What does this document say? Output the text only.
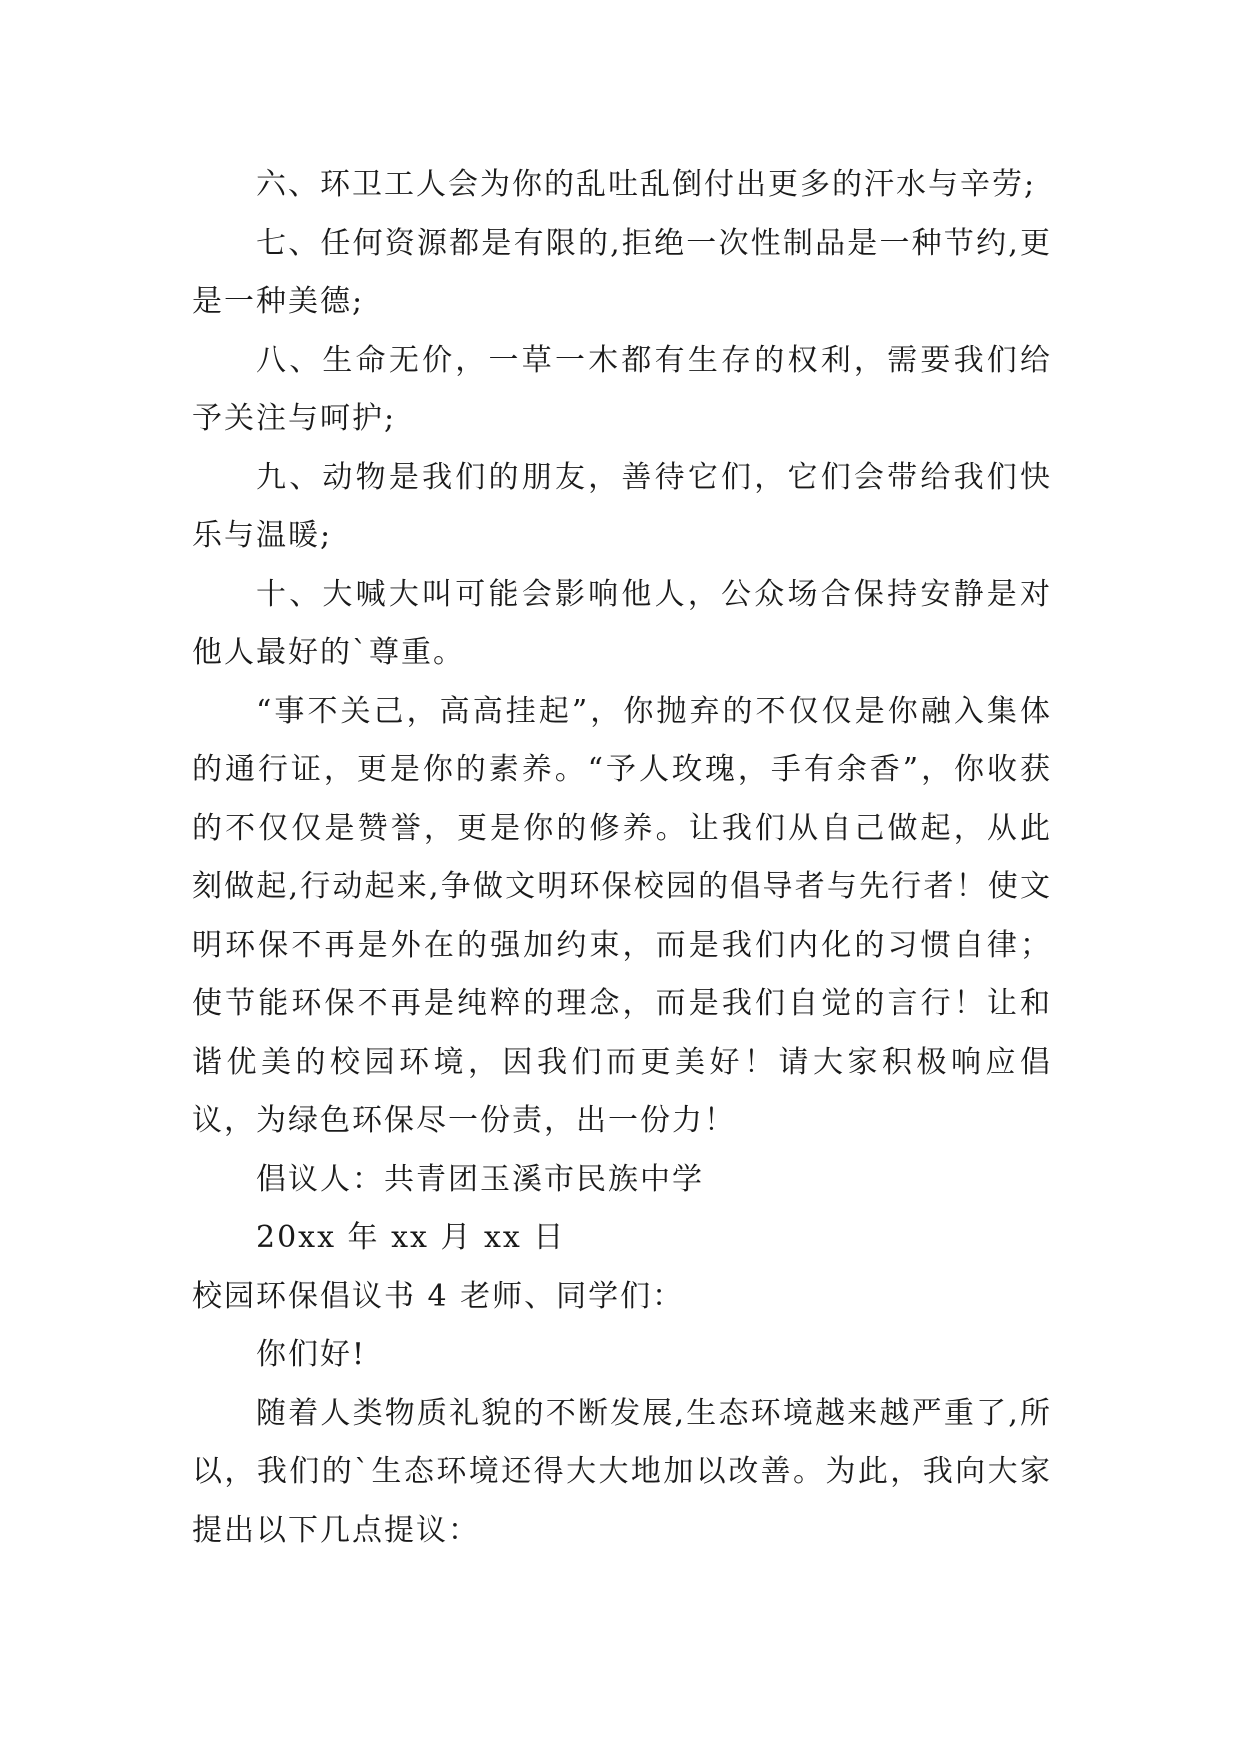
六、环卫工人会为你的乱吐乱倒付出更多的汗水与辛劳;

七、任何资源都是有限的,拒绝一次性制品是一种节约,更是一种美德;

八、生命无价，一草一木都有生存的权利，需要我们给予关注与呵护;

九、动物是我们的朋友，善待它们，它们会带给我们快乐与温暖;

十、大喊大叫可能会影响他人，公众场合保持安静是对他人最好的`尊重。

“事不关己，高高挂起”，你抛弃的不仅仅是你融入集体的通行证，更是你的素养。“予人玫瑰，手有余香”，你收获的不仅仅是赞誉，更是你的修养。让我们从自己做起，从此刻做起,行动起来,争做文明环保校园的倡导者与先行者！使文明环保不再是外在的强加约束，而是我们内化的习惯自律；使节能环保不再是纯粹的理念，而是我们自觉的言行！让和谐优美的校园环境，因我们而更美好！请大家积极响应倡议，为绿色环保尽一份责，出一份力！

倡议人：共青团玉溪市民族中学

20xx 年 xx 月 xx 日

校园环保倡议书 4 老师、同学们：

你们好!

随着人类物质礼貌的不断发展,生态环境越来越严重了,所以，我们的`生态环境还得大大地加以改善。为此，我向大家提出以下几点提议：
